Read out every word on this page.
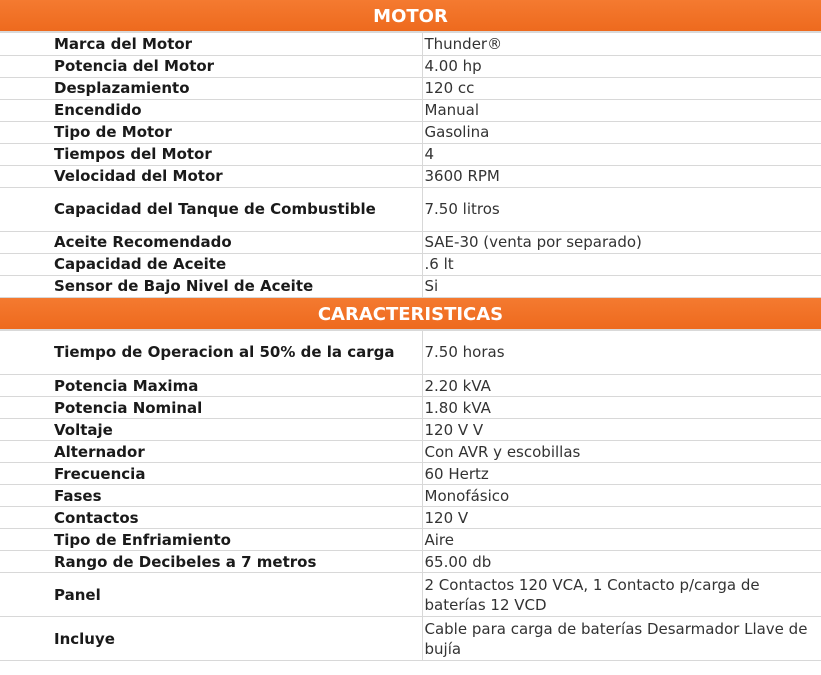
MOTOR
Marca del Motor	Thunder®
Potencia del Motor	4.00 hp
Desplazamiento	120 cc
Encendido	Manual
Tipo de Motor	Gasolina
Tiempos del Motor	4
Velocidad del Motor	3600 RPM
Capacidad del Tanque de Combustible	7.50 litros
Aceite Recomendado	SAE-30 (venta por separado)
Capacidad de Aceite	.6 lt
Sensor de Bajo Nivel de Aceite	Si
CARACTERISTICAS
Tiempo de Operacion al 50% de la carga	7.50 horas
Potencia Maxima	2.20 kVA
Potencia Nominal	1.80 kVA
Voltaje	120 V V
Alternador	Con AVR y escobillas
Frecuencia	60 Hertz
Fases	Monofásico
Contactos	120 V
Tipo de Enfriamiento	Aire
Rango de Decibeles a 7 metros	65.00 db
Panel	2 Contactos 120 VCA, 1 Contacto p/carga de baterías 12 VCD
Incluye	Cable para carga de baterías Desarmador Llave de bujía
